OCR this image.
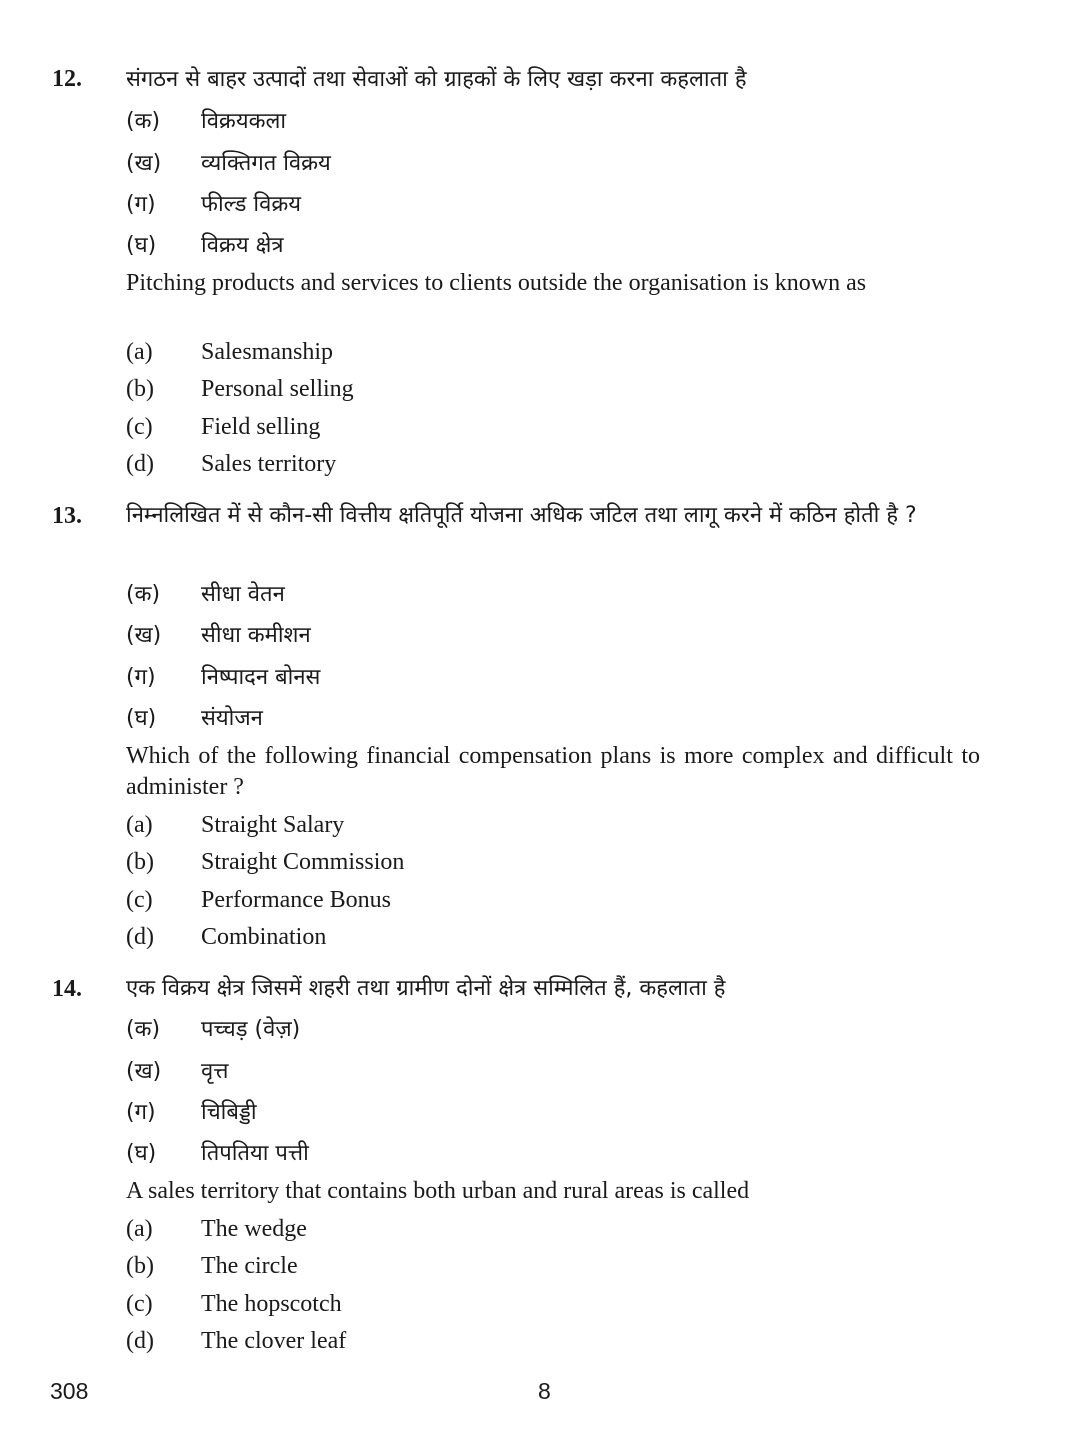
12. संगठन से बाहर उत्पादों तथा सेवाओं को ग्राहकों के लिए खड़ा करना कहलाता है
(क)	विक्रयकला
(ख)	व्यक्तिगत विक्रय
(ग)	फील्ड विक्रय
(घ)	विक्रय क्षेत्र
Pitching products and services to clients outside the organisation is known as
(a)	Salesmanship
(b)	Personal selling
(c)	Field selling
(d)	Sales territory
13. निम्नलिखित में से कौन-सी वित्तीय क्षतिपूर्ति योजना अधिक जटिल तथा लागू करने में कठिन होती है ?
(क)	सीधा वेतन
(ख)	सीधा कमीशन
(ग)	निष्पादन बोनस
(घ)	संयोजन
Which of the following financial compensation plans is more complex and difficult to administer ?
(a)	Straight Salary
(b)	Straight Commission
(c)	Performance Bonus
(d)	Combination
14. एक विक्रय क्षेत्र जिसमें शहरी तथा ग्रामीण दोनों क्षेत्र सम्मिलित हैं, कहलाता है
(क)	पच्चड़ (वेज़)
(ख)	वृत्त
(ग)	चिबिड्डी
(घ)	तिपतिया पत्ती
A sales territory that contains both urban and rural areas is called
(a)	The wedge
(b)	The circle
(c)	The hopscotch
(d)	The clover leaf
308	8
